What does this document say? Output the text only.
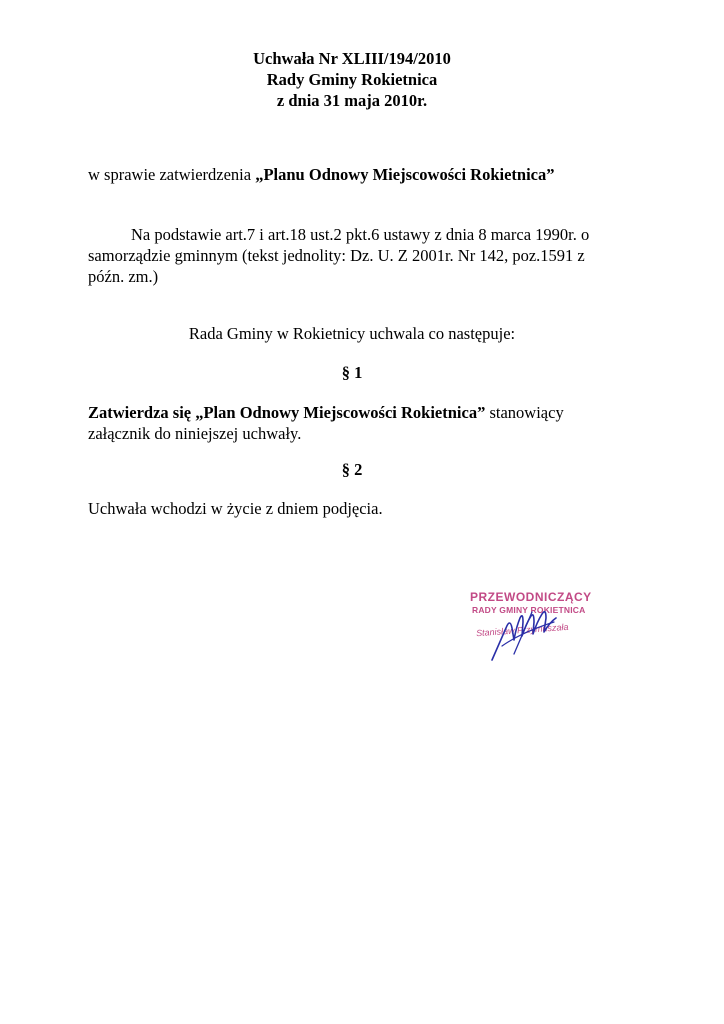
Uchwała Nr XLIII/194/2010
Rady Gminy Rokietnica
z dnia 31 maja 2010r.
w sprawie zatwierdzenia „Planu Odnowy Miejscowości Rokietnica”
Na podstawie art.7 i art.18 ust.2 pkt.6 ustawy z dnia 8 marca 1990r. o
samorządzie gminnym (tekst jednolity: Dz. U. Z 2001r. Nr 142, poz.1591 z
późn. zm.)
Rada Gminy w Rokietnicy uchwala co następuje:
§ 1
Zatwierdza się „Plan Odnowy Miejscowości Rokietnica” stanowiący
załącznik do niniejszej uchwały.
§ 2
Uchwała wchodzi w życie z dniem podjęcia.
PRZEWODNICZĄCY
RADY GMINY ROKIETNICA
Stanisław Przymuszała
